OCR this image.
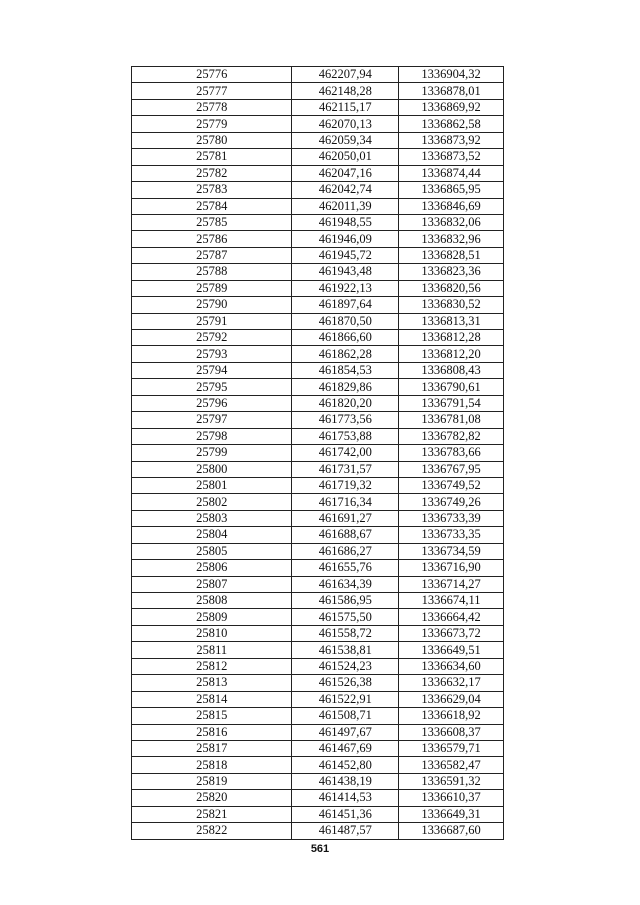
25776	462207,94	1336904,32
25777	462148,28	1336878,01
25778	462115,17	1336869,92
25779	462070,13	1336862,58
25780	462059,34	1336873,92
25781	462050,01	1336873,52
25782	462047,16	1336874,44
25783	462042,74	1336865,95
25784	462011,39	1336846,69
25785	461948,55	1336832,06
25786	461946,09	1336832,96
25787	461945,72	1336828,51
25788	461943,48	1336823,36
25789	461922,13	1336820,56
25790	461897,64	1336830,52
25791	461870,50	1336813,31
25792	461866,60	1336812,28
25793	461862,28	1336812,20
25794	461854,53	1336808,43
25795	461829,86	1336790,61
25796	461820,20	1336791,54
25797	461773,56	1336781,08
25798	461753,88	1336782,82
25799	461742,00	1336783,66
25800	461731,57	1336767,95
25801	461719,32	1336749,52
25802	461716,34	1336749,26
25803	461691,27	1336733,39
25804	461688,67	1336733,35
25805	461686,27	1336734,59
25806	461655,76	1336716,90
25807	461634,39	1336714,27
25808	461586,95	1336674,11
25809	461575,50	1336664,42
25810	461558,72	1336673,72
25811	461538,81	1336649,51
25812	461524,23	1336634,60
25813	461526,38	1336632,17
25814	461522,91	1336629,04
25815	461508,71	1336618,92
25816	461497,67	1336608,37
25817	461467,69	1336579,71
25818	461452,80	1336582,47
25819	461438,19	1336591,32
25820	461414,53	1336610,37
25821	461451,36	1336649,31
25822	461487,57	1336687,60
561
